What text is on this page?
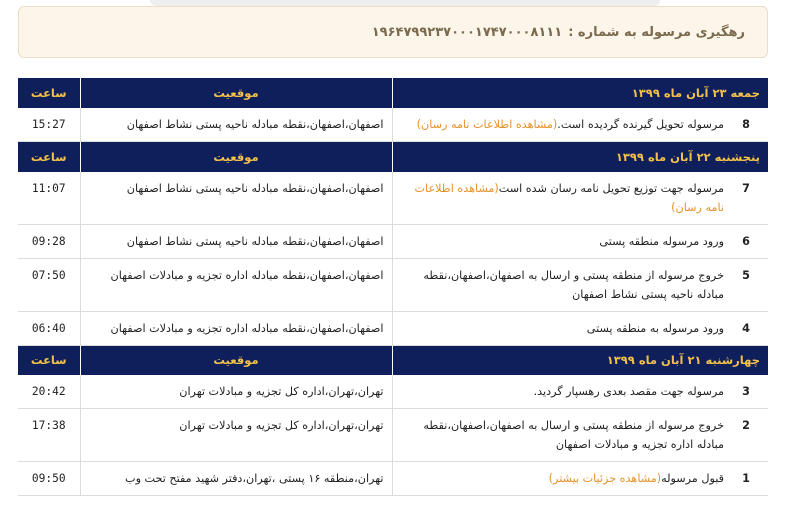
رهگیری مرسوله به شماره :
۱۹۶۴۷۹۹۲۳۷۰۰۰۱۷۴۷۰۰۰۸۱۱۱
جمعه ۲۳ آبان ماه ۱۳۹۹	موقعیت	ساعت

8
مرسوله تحویل گیرنده گردیده است.(مشاهده اطلاعات نامه رسان)	اصفهان،اصفهان،نقطه مبادله ناحیه پستی نشاط اصفهان	15:27
پنجشنبه ۲۲ آبان ماه ۱۳۹۹	موقعیت	ساعت

7
مرسوله جهت توزیع تحویل نامه رسان شده است(مشاهده اطلاعات نامه رسان)	اصفهان،اصفهان،نقطه مبادله ناحیه پستی نشاط اصفهان	11:07

6
ورود مرسوله منطقه پستی	اصفهان،اصفهان،نقطه مبادله ناحیه پستی نشاط اصفهان	09:28

5
خروج مرسوله از منطقه پستی و ارسال به اصفهان،اصفهان،نقطه مبادله ناحیه پستی نشاط اصفهان	اصفهان،اصفهان،نقطه مبادله اداره تجزیه و مبادلات اصفهان	07:50

4
ورود مرسوله به منطقه پستی	اصفهان،اصفهان،نقطه مبادله اداره تجزیه و مبادلات اصفهان	06:40
چهارشنبه ۲۱ آبان ماه ۱۳۹۹	موقعیت	ساعت

3
مرسوله جهت مقصد بعدی رهسپار گردید.	تهران،تهران،اداره کل تجزیه و مبادلات تهران	20:42

2
خروج مرسوله از منطقه پستی و ارسال به اصفهان،اصفهان،نقطه مبادله اداره تجزیه و مبادلات اصفهان	تهران،تهران،اداره کل تجزیه و مبادلات تهران	17:38

1
قبول مرسوله(مشاهده جزئیات بیشتر)	تهران،منطقه ۱۶ پستی ،تهران،دفتر شهید مفتح تحت وب	09:50
